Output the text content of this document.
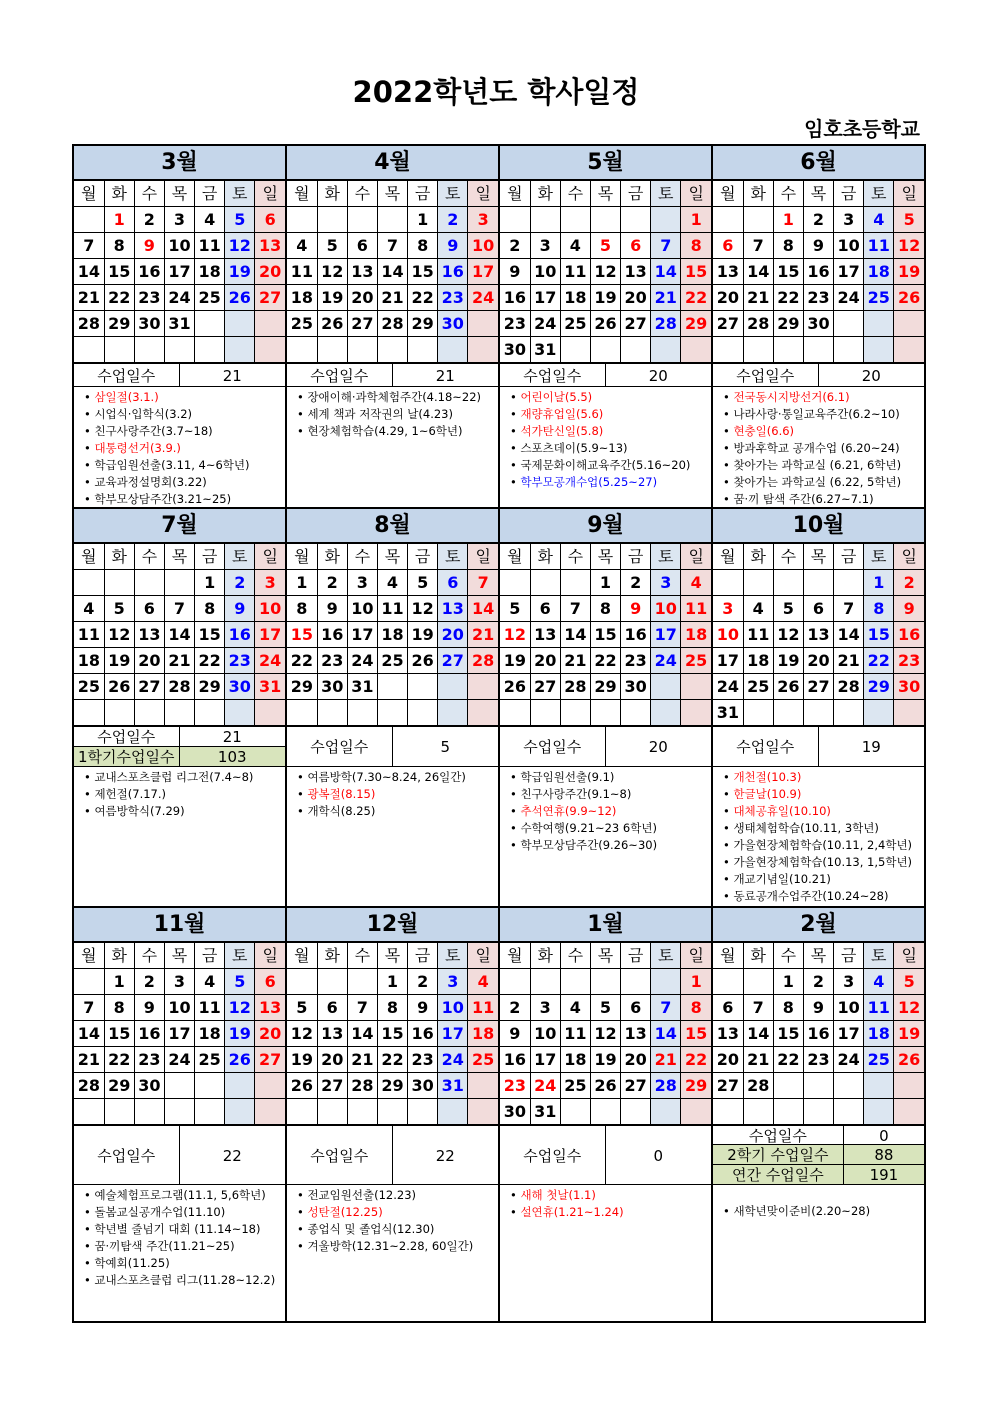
2022학년도 학사일정
임호초등학교
3월
월	화	수	목	금	토	일
	1	2	3	4	5	6
7	8	9	10	11	12	13
14	15	16	17	18	19	20
21	22	23	24	25	26	27
28	29	30	31			

수업일수	21
• 삼일절(3.1.)
• 시업식·입학식(3.2)
• 친구사랑주간(3.7~18)
• 대통령선거(3.9.)
• 학급임원선출(3.11, 4~6학년)
• 교육과정설명회(3.22)
• 학부모상담주간(3.21~25)
4월
월	화	수	목	금	토	일
				1	2	3
4	5	6	7	8	9	10
11	12	13	14	15	16	17
18	19	20	21	22	23	24
25	26	27	28	29	30	

수업일수	21
• 장애이해·과학체험주간(4.18~22)
• 세계 책과 저작권의 날(4.23)
• 현장체험학습(4.29, 1~6학년)
5월
월	화	수	목	금	토	일
						1
2	3	4	5	6	7	8
9	10	11	12	13	14	15
16	17	18	19	20	21	22
23	24	25	26	27	28	29
30	31					
수업일수	20
• 어린이날(5.5)
• 재량휴업일(5.6)
• 석가탄신일(5.8)
• 스포츠데이(5.9~13)
• 국제문화이해교육주간(5.16~20)
• 학부모공개수업(5.25~27)
6월
월	화	수	목	금	토	일
		1	2	3	4	5
6	7	8	9	10	11	12
13	14	15	16	17	18	19
20	21	22	23	24	25	26
27	28	29	30			

수업일수	20
• 전국동시지방선거(6.1)
• 나라사랑·통일교육주간(6.2~10)
• 현충일(6.6)
• 방과후학교 공개수업 (6.20~24)
• 찾아가는 과학교실 (6.21, 6학년)
• 찾아가는 과학교실 (6.22, 5학년)
• 꿈·끼 탐색 주간(6.27~7.1)
7월
월	화	수	목	금	토	일
				1	2	3
4	5	6	7	8	9	10
11	12	13	14	15	16	17
18	19	20	21	22	23	24
25	26	27	28	29	30	31

수업일수	21
1학기수업일수	103
• 교내스포츠클럽 리그전(7.4~8)
• 제헌절(7.17.)
• 여름방학식(7.29)
8월
월	화	수	목	금	토	일
1	2	3	4	5	6	7
8	9	10	11	12	13	14
15	16	17	18	19	20	21
22	23	24	25	26	27	28
29	30	31				

수업일수	5
• 여름방학(7.30~8.24, 26일간)
• 광복절(8.15)
• 개학식(8.25)
9월
월	화	수	목	금	토	일
			1	2	3	4
5	6	7	8	9	10	11
12	13	14	15	16	17	18
19	20	21	22	23	24	25
26	27	28	29	30		

수업일수	20
• 학급임원선출(9.1)
• 친구사랑주간(9.1~8)
• 추석연휴(9.9~12)
• 수학여행(9.21~23 6학년)
• 학부모상담주간(9.26~30)
10월
월	화	수	목	금	토	일
					1	2
3	4	5	6	7	8	9
10	11	12	13	14	15	16
17	18	19	20	21	22	23
24	25	26	27	28	29	30
31						
수업일수	19
• 개천절(10.3)
• 한글날(10.9)
• 대체공휴일(10.10)
• 생태체험학습(10.11, 3학년)
• 가을현장체험학습(10.11, 2,4학년)
• 가을현장체험학습(10.13, 1,5학년)
• 개교기념일(10.21)
• 동료공개수업주간(10.24~28)
11월
월	화	수	목	금	토	일
	1	2	3	4	5	6
7	8	9	10	11	12	13
14	15	16	17	18	19	20
21	22	23	24	25	26	27
28	29	30				

수업일수	22
• 예술체험프로그램(11.1, 5,6학년)
• 돌봄교실공개수업(11.10)
• 학년별 줄넘기 대회 (11.14~18)
• 꿈·끼탐색 주간(11.21~25)
• 학예회(11.25)
• 교내스포츠클럽 리그(11.28~12.2)
12월
월	화	수	목	금	토	일
			1	2	3	4
5	6	7	8	9	10	11
12	13	14	15	16	17	18
19	20	21	22	23	24	25
26	27	28	29	30	31	

수업일수	22
• 전교임원선출(12.23)
• 성탄절(12.25)
• 종업식 및 졸업식(12.30)
• 겨울방학(12.31~2.28, 60일간)
1월
월	화	수	목	금	토	일
						1
2	3	4	5	6	7	8
9	10	11	12	13	14	15
16	17	18	19	20	21	22
23	24	25	26	27	28	29
30	31					
수업일수	0
• 새해 첫날(1.1)
• 설연휴(1.21~1.24)
2월
월	화	수	목	금	토	일
		1	2	3	4	5
6	7	8	9	10	11	12
13	14	15	16	17	18	19
20	21	22	23	24	25	26
27	28					

수업일수	0
2학기 수업일수	88
연간 수업일수	191
• 새학년맞이준비(2.20~28)
